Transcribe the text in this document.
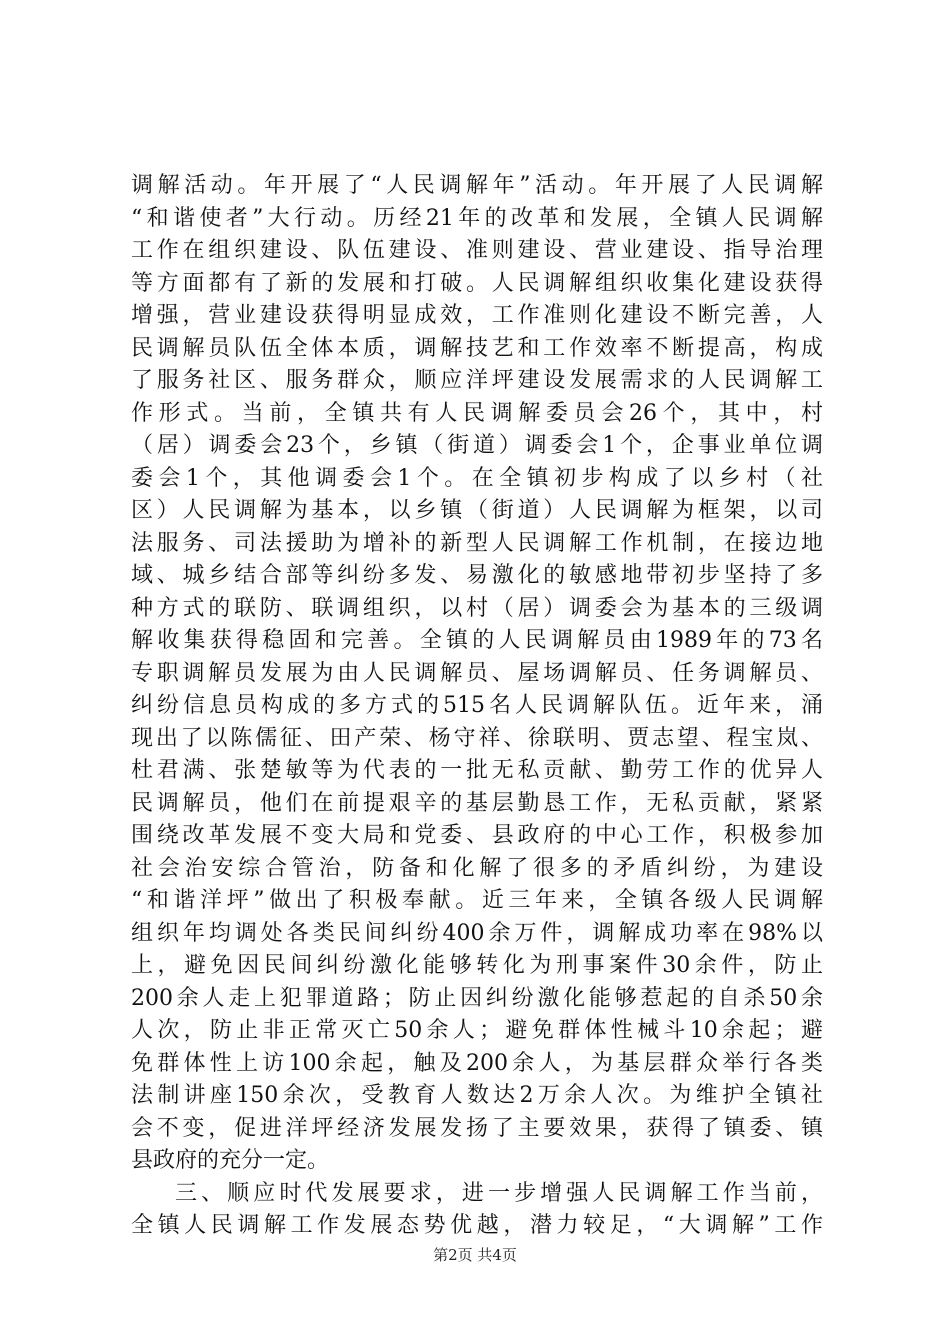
调解活动。年开展了“人民调解年”活动。年开展了人民调解
“和谐使者”大行动。历经21年的改革和发展，全镇人民调解
工作在组织建设、队伍建设、准则建设、营业建设、指导治理
等方面都有了新的发展和打破。人民调解组织收集化建设获得
增强，营业建设获得明显成效，工作准则化建设不断完善，人
民调解员队伍全体本质，调解技艺和工作效率不断提高，构成
了服务社区、服务群众，顺应洋坪建设发展需求的人民调解工
作形式。当前，全镇共有人民调解委员会26个，其中，村
（居）调委会23个，乡镇（街道）调委会1个，企事业单位调
委会1个，其他调委会1个。在全镇初步构成了以乡村（社
区）人民调解为基本，以乡镇（街道）人民调解为框架，以司
法服务、司法援助为增补的新型人民调解工作机制，在接边地
域、城乡结合部等纠纷多发、易激化的敏感地带初步坚持了多
种方式的联防、联调组织，以村（居）调委会为基本的三级调
解收集获得稳固和完善。全镇的人民调解员由1989年的73名
专职调解员发展为由人民调解员、屋场调解员、任务调解员、
纠纷信息员构成的多方式的515名人民调解队伍。近年来，涌
现出了以陈儒征、田产荣、杨守祥、徐联明、贾志望、程宝岚、
杜君满、张楚敏等为代表的一批无私贡献、勤劳工作的优异人
民调解员，他们在前提艰辛的基层勤恳工作，无私贡献，紧紧
围绕改革发展不变大局和党委、县政府的中心工作，积极参加
社会治安综合管治，防备和化解了很多的矛盾纠纷，为建设
“和谐洋坪”做出了积极奉献。近三年来，全镇各级人民调解
组织年均调处各类民间纠纷400余万件，调解成功率在98%以
上，避免因民间纠纷激化能够转化为刑事案件30余件，防止
200余人走上犯罪道路；防止因纠纷激化能够惹起的自杀50余
人次，防止非正常灭亡50余人；避免群体性械斗10余起；避
免群体性上访100余起，触及200余人，为基层群众举行各类
法制讲座150余次，受教育人数达2万余人次。为维护全镇社
会不变，促进洋坪经济发展发扬了主要效果，获得了镇委、镇
县政府的充分一定。
三、顺应时代发展要求，进一步增强人民调解工作当前，
全镇人民调解工作发展态势优越，潜力较足，“大调解”工作
第2页 共4页
